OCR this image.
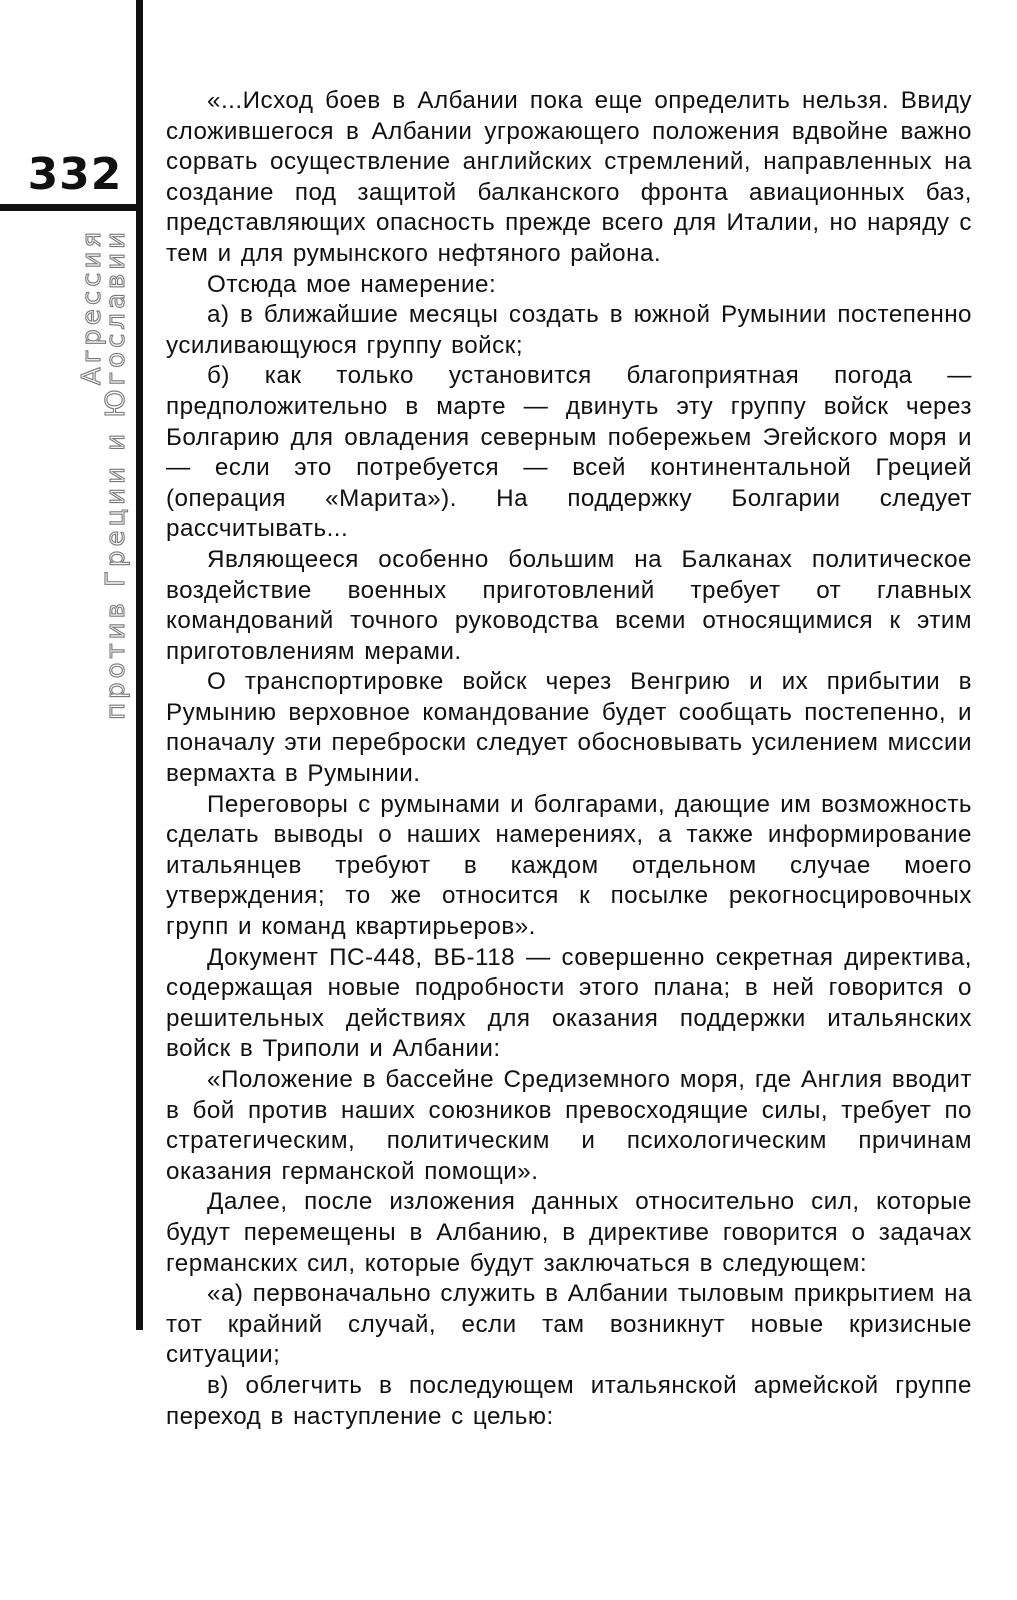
332
Агрессия
против Греции и Югославии

«...Исход боев в Албании пока еще определить нельзя. Ввиду сложившегося в Албании угрожающего положения вдвойне важно сорвать осуществление английских стремлений, направленных на создание под защитой балканского фронта авиационных баз, представляющих опасность прежде всего для Италии, но наряду с тем и для румынского нефтяного района.

Отсюда мое намерение:

а) в ближайшие месяцы создать в южной Румынии постепенно усиливающуюся группу войск;

б) как только установится благоприятная погода — предположительно в марте — двинуть эту группу войск через Болгарию для овладения северным побережьем Эгейского моря и — если это потребуется — всей континентальной Грецией (операция «Марита»). На поддержку Болгарии следует рассчитывать...

Являющееся особенно большим на Балканах политическое воздействие военных приготовлений требует от главных командований точного руководства всеми относящимися к этим приготовлениям мерами.

О транспортировке войск через Венгрию и их прибытии в Румынию верховное командование будет сообщать постепенно, и поначалу эти переброски следует обосновывать усилением миссии вермахта в Румынии.

Переговоры с румынами и болгарами, дающие им возможность сделать выводы о наших намерениях, а также информирование итальянцев требуют в каждом отдельном случае моего утверждения; то же относится к посылке рекогносцировочных групп и команд квартирьеров».

Документ ПС-448, ВБ-118 — совершенно секретная директива, содержащая новые подробности этого плана; в ней говорится о решительных действиях для оказания поддержки итальянских войск в Триполи и Албании:

«Положение в бассейне Средиземного моря, где Англия вводит в бой против наших союзников превосходящие силы, требует по стратегическим, политическим и психологическим причинам оказания германской помощи».

Далее, после изложения данных относительно сил, которые будут перемещены в Албанию, в директиве говорится о задачах германских сил, которые будут заключаться в следующем:

«а) первоначально служить в Албании тыловым прикрытием на тот крайний случай, если там возникнут новые кризисные ситуации;

в) облегчить в последующем итальянской армейской группе переход в наступление с целью:
